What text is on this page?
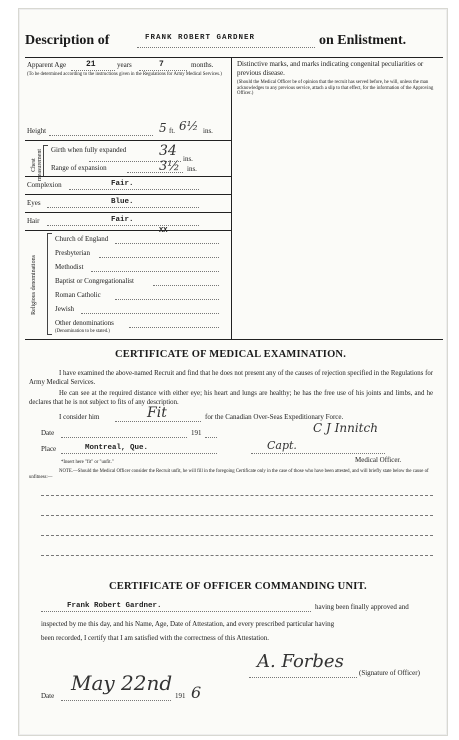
Description of	FRANK ROBERT GARDNER	on Enlistment.
Apparent Age 21	years	7	months.
(To be determined according to the instructions given in the Regulations for Army Medical Services.)
Distinctive marks, and marks indicating congenital peculiarities or previous disease.
(Should the Medical Officer be of opinion that the recruit has served before, he will, unless the man acknowledges to any previous service, attach a slip to that effect, for the information of the Approving Officer.)
Height	5 ft. 6½ ins.
Chest measurement Girth when fully expanded 34 ins.
Range of expansion	3½ ins.
Complexion	Fair.
Eyes	Blue.
Hair	Fair.
Religious denominations
XX
Church of England
Presbyterian
Methodist
Baptist or Congregationalist
Roman Catholic
Jewish
Other denominations
(Denomination to be stated.)
CERTIFICATE OF MEDICAL EXAMINATION.
I have examined the above-named Recruit and find that he does not present any of the causes of rejection specified in the Regulations for Army Medical Services.
He can see at the required distance with either eye; his heart and lungs are healthy; he has the free use of his joints and limbs, and he declares that he is not subject to fits of any description.
I consider him	Fit	for the Canadian Over-Seas Expeditionary Force.
Date	191	C J Innitch
Place	Montreal, Que.	Capt.
Medical Officer.
*Insert here "fit" or "unfit."
NOTE.—Should the Medical Officer consider the Recruit unfit, he will fill in the foregoing Certificate only in the case of those who have been attested, and will briefly state below the cause of unfitness:—
CERTIFICATE OF OFFICER COMMANDING UNIT.
Frank Robert Gardner.	having been finally approved and
inspected by me this day, and his Name, Age, Date of Attestation, and every prescribed particular having
been recorded, I certify that I am satisfied with the correctness of this Attestation.
A. Forbes
(Signature of Officer)
Date
May 22nd
191 6
